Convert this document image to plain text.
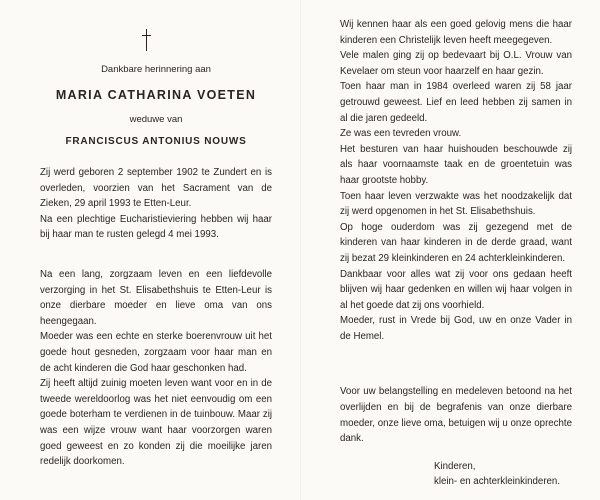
Dankbare herinnering aan
MARIA CATHARINA VOETEN
weduwe van
FRANCISCUS ANTONIUS NOUWS

Zij werd geboren 2 september 1902 te Zundert en is overleden, voorzien van het Sacrament van de Zieken, 29 april 1993 te Etten-Leur.

Na een plechtige Eucharistieviering hebben wij haar bij haar man te rusten gelegd 4 mei 1993.

Na een lang, zorgzaam leven en een liefdevolle verzorging in het St. Elisabethshuis te Etten-Leur is onze dierbare moeder en lieve oma van ons heengegaan.

Moeder was een echte en sterke boerenvrouw uit het goede hout gesneden, zorgzaam voor haar man en de acht kinderen die God haar geschonken had.

Zij heeft altijd zuinig moeten leven want voor en in de tweede wereldoorlog was het niet eenvoudig om een goede boterham te verdienen in de tuinbouw. Maar zij was een wijze vrouw want haar voorzorgen waren goed geweest en zo konden zij die moeilijke jaren redelijk doorkomen.

Wij kennen haar als een goed gelovig mens die haar kinderen een Christelijk leven heeft meegegeven.

Vele malen ging zij op bedevaart bij O.L. Vrouw van Kevelaer om steun voor haarzelf en haar gezin.

Toen haar man in 1984 overleed waren zij 58 jaar getrouwd geweest. Lief en leed hebben zij samen in al die jaren gedeeld.

Ze was een tevreden vrouw.

Het besturen van haar huishouden beschouwde zij als haar voornaamste taak en de groentetuin was haar grootste hobby.

Toen haar leven verzwakte was het noodzakelijk dat zij werd opgenomen in het St. Elisabethshuis.

Op hoge ouderdom was zij gezegend met de kinderen van haar kinderen in de derde graad, want zij bezat 29 kleinkinderen en 24 achterkleinkinderen.

Dankbaar voor alles wat zij voor ons gedaan heeft blijven wij haar gedenken en willen wij haar volgen in al het goede dat zij ons voorhield.

Moeder, rust in Vrede bij God, uw en onze Vader in de Hemel.

Voor uw belangstelling en medeleven betoond na het overlijden en bij de begrafenis van onze dierbare moeder, onze lieve oma, betuigen wij u onze oprechte dank.

Kinderen,
klein- en achterkleinkinderen.
